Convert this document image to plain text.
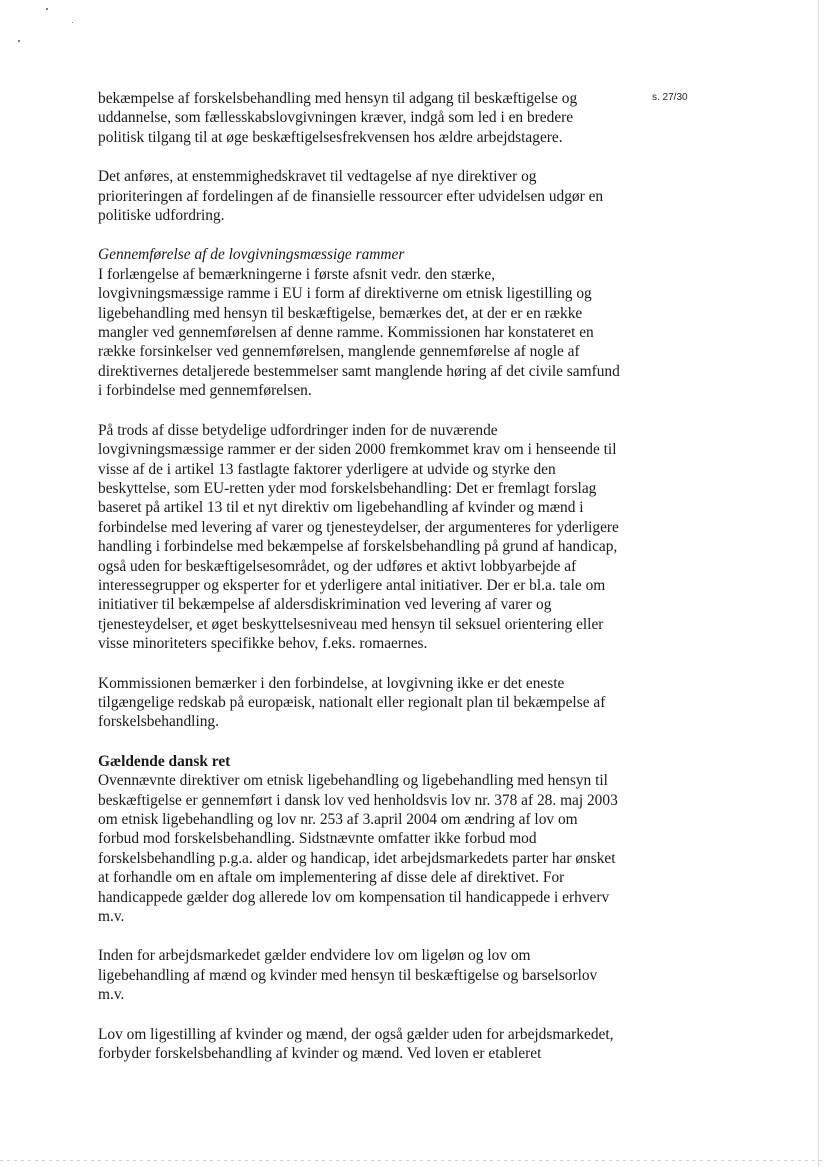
s. 27/30

bekæmpelse af forskelsbehandling med hensyn til adgang til beskæftigelse og uddannelse, som fællesskabslovgivningen kræver, indgå som led i en bredere politisk tilgang til at øge beskæftigelsesfrekvensen hos ældre arbejdstagere.

Det anføres, at enstemmighedskravet til vedtagelse af nye direktiver og prioriteringen af fordelingen af de finansielle ressourcer efter udvidelsen udgør en politiske udfordring.

Gennemførelse af de lovgivningsmæssige rammer

I forlængelse af bemærkningerne i første afsnit vedr. den stærke, lovgivningsmæssige ramme i EU i form af direktiverne om etnisk ligestilling og ligebehandling med hensyn til beskæftigelse, bemærkes det, at der er en række mangler ved gennemførelsen af denne ramme. Kommissionen har konstateret en række forsinkelser ved gennemførelsen, manglende gennemførelse af nogle af direktivernes detaljerede bestemmelser samt manglende høring af det civile samfund i forbindelse med gennemførelsen.

På trods af disse betydelige udfordringer inden for de nuværende lovgivningsmæssige rammer er der siden 2000 fremkommet krav om i henseende til visse af de i artikel 13 fastlagte faktorer yderligere at udvide og styrke den beskyttelse, som EU-retten yder mod forskelsbehandling: Det er fremlagt forslag baseret på artikel 13 til et nyt direktiv om ligebehandling af kvinder og mænd i forbindelse med levering af varer og tjenesteydelser, der argumenteres for yderligere handling i forbindelse med bekæmpelse af forskelsbehandling på grund af handicap, også uden for beskæftigelsesområdet, og der udføres et aktivt lobbyarbejde af interessegrupper og eksperter for et yderligere antal initiativer. Der er bl.a. tale om initiativer til bekæmpelse af aldersdiskrimination ved levering af varer og tjenesteydelser, et øget beskyttelsesniveau med hensyn til seksuel orientering eller visse minoriteters specifikke behov, f.eks. romaernes.

Kommissionen bemærker i den forbindelse, at lovgivning ikke er det eneste tilgængelige redskab på europæisk, nationalt eller regionalt plan til bekæmpelse af forskelsbehandling.

Gældende dansk ret

Ovennævnte direktiver om etnisk ligebehandling og ligebehandling med hensyn til beskæftigelse er gennemført i dansk lov ved henholdsvis lov nr. 378 af 28. maj 2003 om etnisk ligebehandling og lov nr. 253 af 3.april 2004 om ændring af lov om forbud mod forskelsbehandling. Sidstnævnte omfatter ikke forbud mod forskelsbehandling p.g.a. alder og handicap, idet arbejdsmarkedets parter har ønsket at forhandle om en aftale om implementering af disse dele af direktivet. For handicappede gælder dog allerede lov om kompensation til handicappede i erhverv m.v.

Inden for arbejdsmarkedet gælder endvidere lov om ligeløn og lov om ligebehandling af mænd og kvinder med hensyn til beskæftigelse og barselsorlov m.v.

Lov om ligestilling af kvinder og mænd, der også gælder uden for arbejdsmarkedet, forbyder forskelsbehandling af kvinder og mænd. Ved loven er etableret
